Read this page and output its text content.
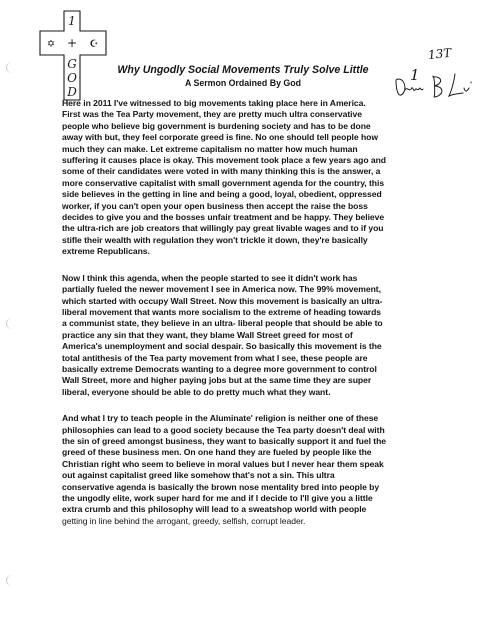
1
+
G
O
D
✡	☪
Why Ungodly Social Movements Truly Solve Little
A Sermon Ordained By God
13T
1

Here in 2011 I've witnessed to big movements taking place here in America.
First was the Tea Party movement, they are pretty much ultra conservative
people who believe big government is burdening society and has to be done
away with but, they feel corporate greed is fine. No one should tell people how
much they can make. Let extreme capitalism no matter how much human
suffering it causes place is okay. This movement took place a few years ago and
some of their candidates were voted in with many thinking this is the answer, a
more conservative capitalist with small government agenda for the country, this
side believes in the getting in line and being a good, loyal, obedient, oppressed
worker, if you can't open your open business then accept the raise the boss
decides to give you and the bosses unfair treatment and be happy. They believe
the ultra-rich are job creators that willingly pay great livable wages and to if you
stifle their wealth with regulation they won't trickle it down, they're basically
extreme Republicans.

Now I think this agenda, when the people started to see it didn't work has
partially fueled the newer movement I see in America now. The 99% movement,
which started with occupy Wall Street. Now this movement is basically an ultra-
liberal movement that wants more socialism to the extreme of heading towards
a communist state, they believe in an ultra- liberal people that should be able to
practice any sin that they want, they blame Wall Street greed for most of
America's unemployment and social despair. So basically this movement is the
total antithesis of the Tea party movement from what I see, these people are
basically extreme Democrats wanting to a degree more government to control
Wall Street, more and higher paying jobs but at the same time they are super
liberal, everyone should be able to do pretty much what they want.

And what I try to teach people in the Aluminate' religion is neither one of these
philosophies can lead to a good society because the Tea party doesn't deal with
the sin of greed amongst business, they want to basically support it and fuel the
greed of these business men. On one hand they are fueled by people like the
Christian right who seem to believe in moral values but I never hear them speak
out against capitalist greed like somehow that's not a sin. This ultra
conservative agenda is basically the brown nose mentality bred into people by
the ungodly elite, work super hard for me and if I decide to I'll give you a little
extra crumb and this philosophy will lead to a sweatshop world with people
getting in line behind the arrogant, greedy, selfish, corrupt leader.
